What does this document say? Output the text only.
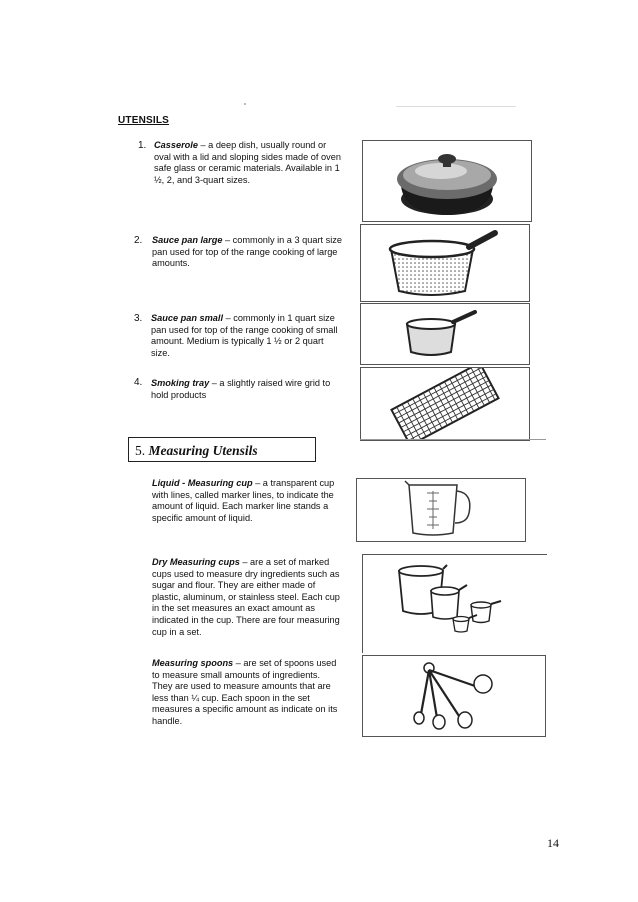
UTENSILS
1. Casserole – a deep dish, usually round or oval with a lid and sloping sides made of oven safe glass or ceramic materials. Available in 1 ½, 2, and 3-quart sizes.
2. Sauce pan large – commonly in a 3 quart size pan used for top of the range cooking of large amounts.
3. Sauce pan small – commonly in 1 quart size pan used for top of the range cooking of small amount. Medium is typically 1 ½ or 2 quart size.
4. Smoking tray – a slightly raised wire grid to hold products
5. Measuring Utensils
Liquid - Measuring cup – a transparent cup with lines, called marker lines, to indicate the amount of liquid. Each marker line stands a specific amount of liquid.
Dry Measuring cups – are a set of marked cups used to measure dry ingredients such as sugar and flour. They are either made of plastic, aluminum, or stainless steel. Each cup in the set measures an exact amount as indicated in the cup. There are four measuring cup in a set.
Measuring spoons – are set of spoons used to measure small amounts of ingredients. They are used to measure amounts that are less than ¼ cup. Each spoon in the set measures a specific amount as indicate on its handle.
14
